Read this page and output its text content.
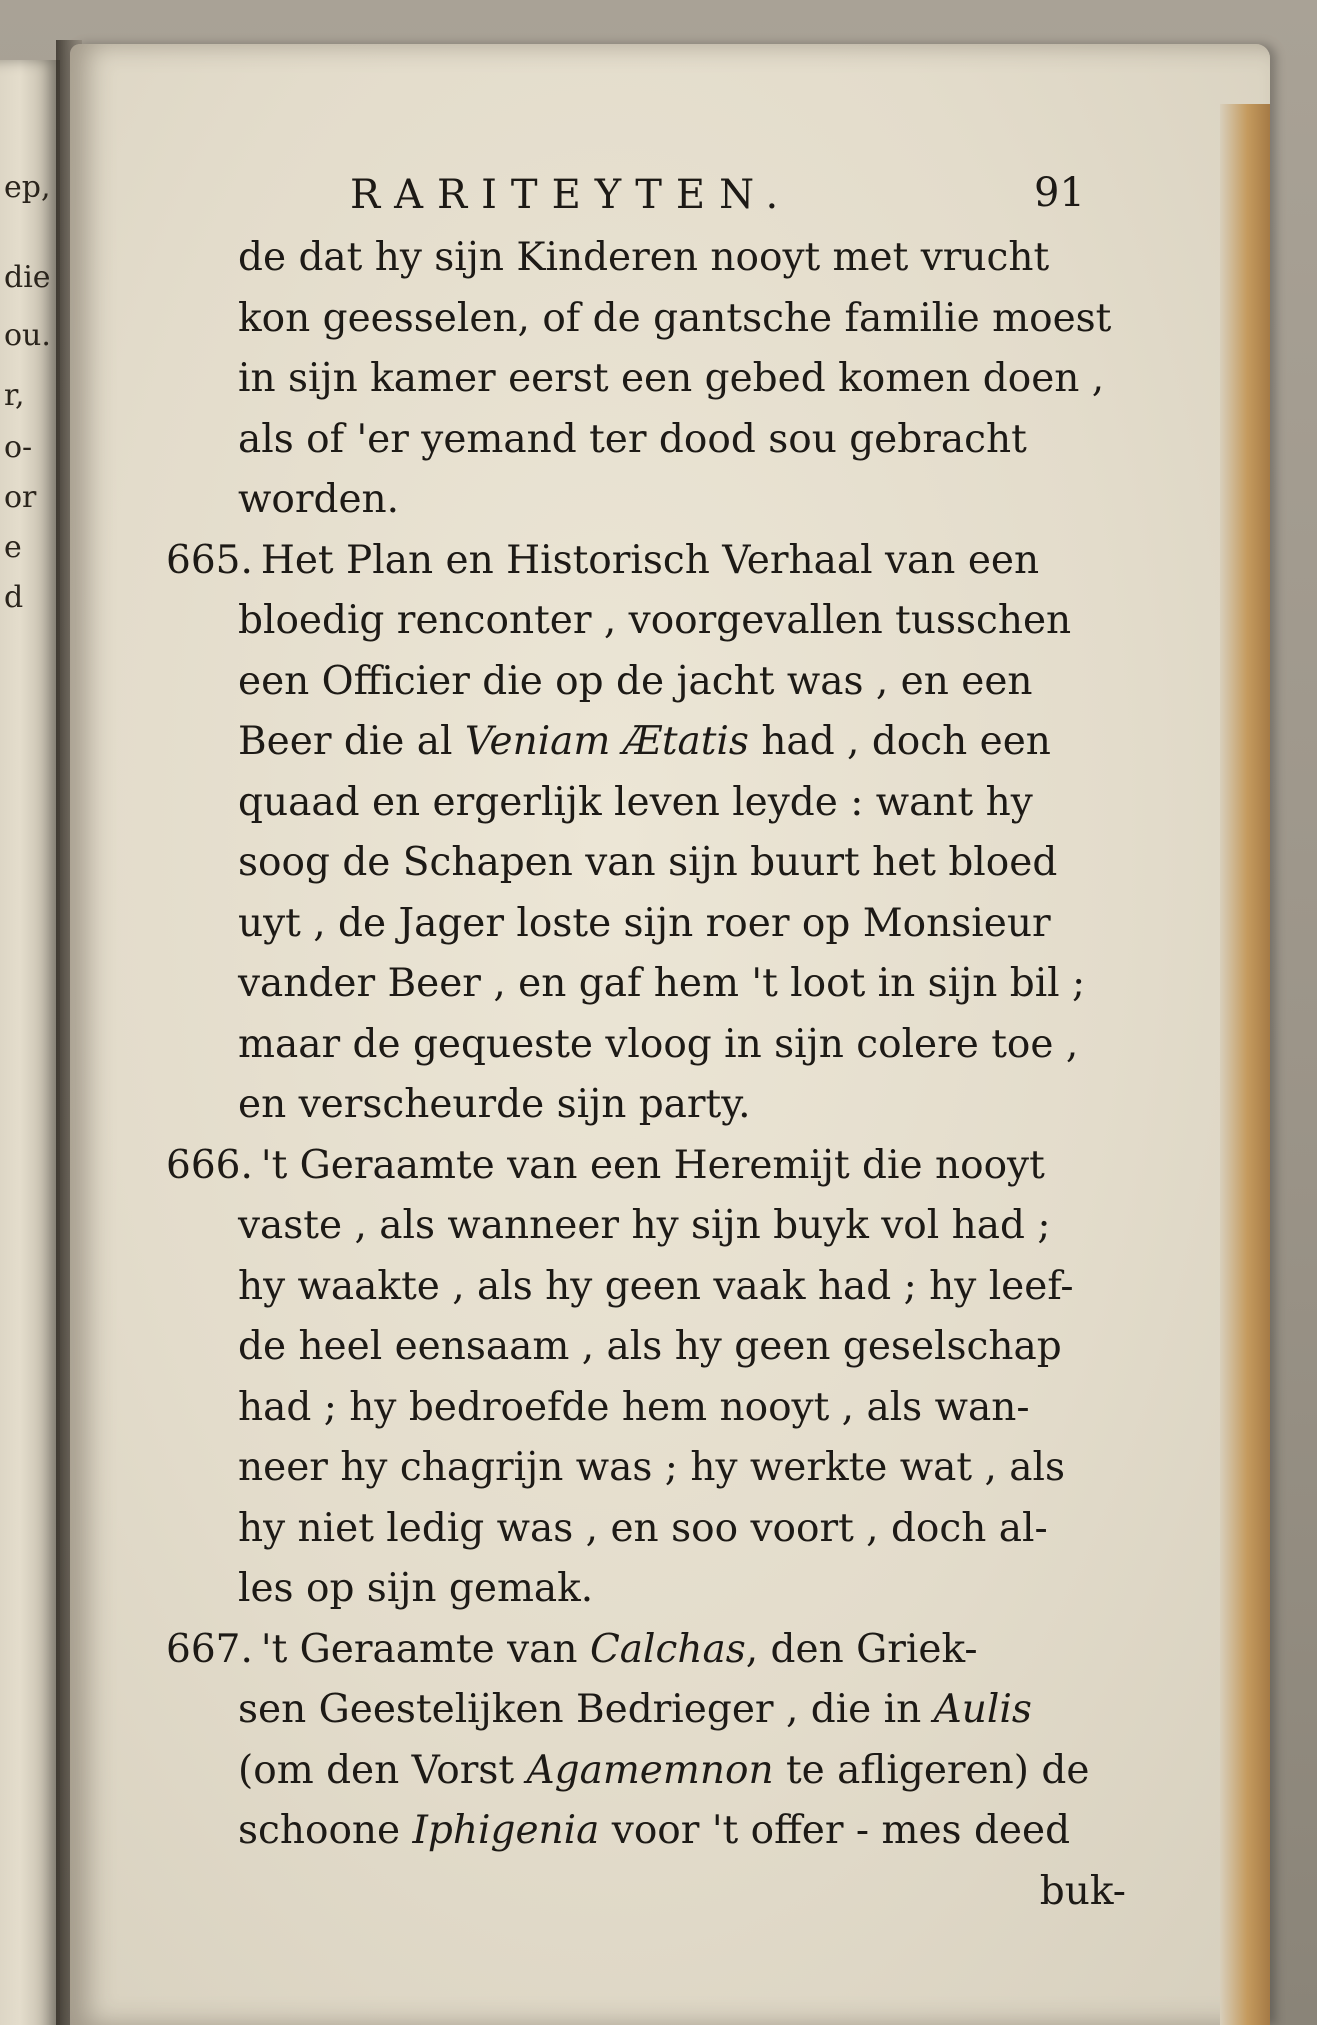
ep,
die
ou.
r,
o-
or
e
d
RARITEYTEN.	91
de dat hy sijn Kinderen nooyt met vrucht
kon geesselen, of de gantsche familie moest
in sijn kamer eerst een gebed komen doen ,
als of 'er yemand ter dood sou gebracht
worden.
665. Het Plan en Historisch Verhaal van een
bloedig renconter , voorgevallen tusschen
een Officier die op de jacht was , en een
Beer die al Veniam Ætatis had , doch een
quaad en ergerlijk leven leyde : want hy
soog de Schapen van sijn buurt het bloed
uyt , de Jager loste sijn roer op Monsieur
vander Beer , en gaf hem 't loot in sijn bil ;
maar de gequeste vloog in sijn colere toe ,
en verscheurde sijn party.
666. 't Geraamte van een Heremijt die nooyt
vaste , als wanneer hy sijn buyk vol had ;
hy waakte , als hy geen vaak had ; hy leef-
de heel eensaam , als hy geen geselschap
had ; hy bedroefde hem nooyt , als wan-
neer hy chagrijn was ; hy werkte wat , als
hy niet ledig was , en soo voort , doch al-
les op sijn gemak.
667. 't Geraamte van Calchas, den Griek-
sen Geestelijken Bedrieger , die in Aulis
(om den Vorst Agamemnon te afligeren) de
schoone Iphigenia voor 't offer - mes deed
buk-
